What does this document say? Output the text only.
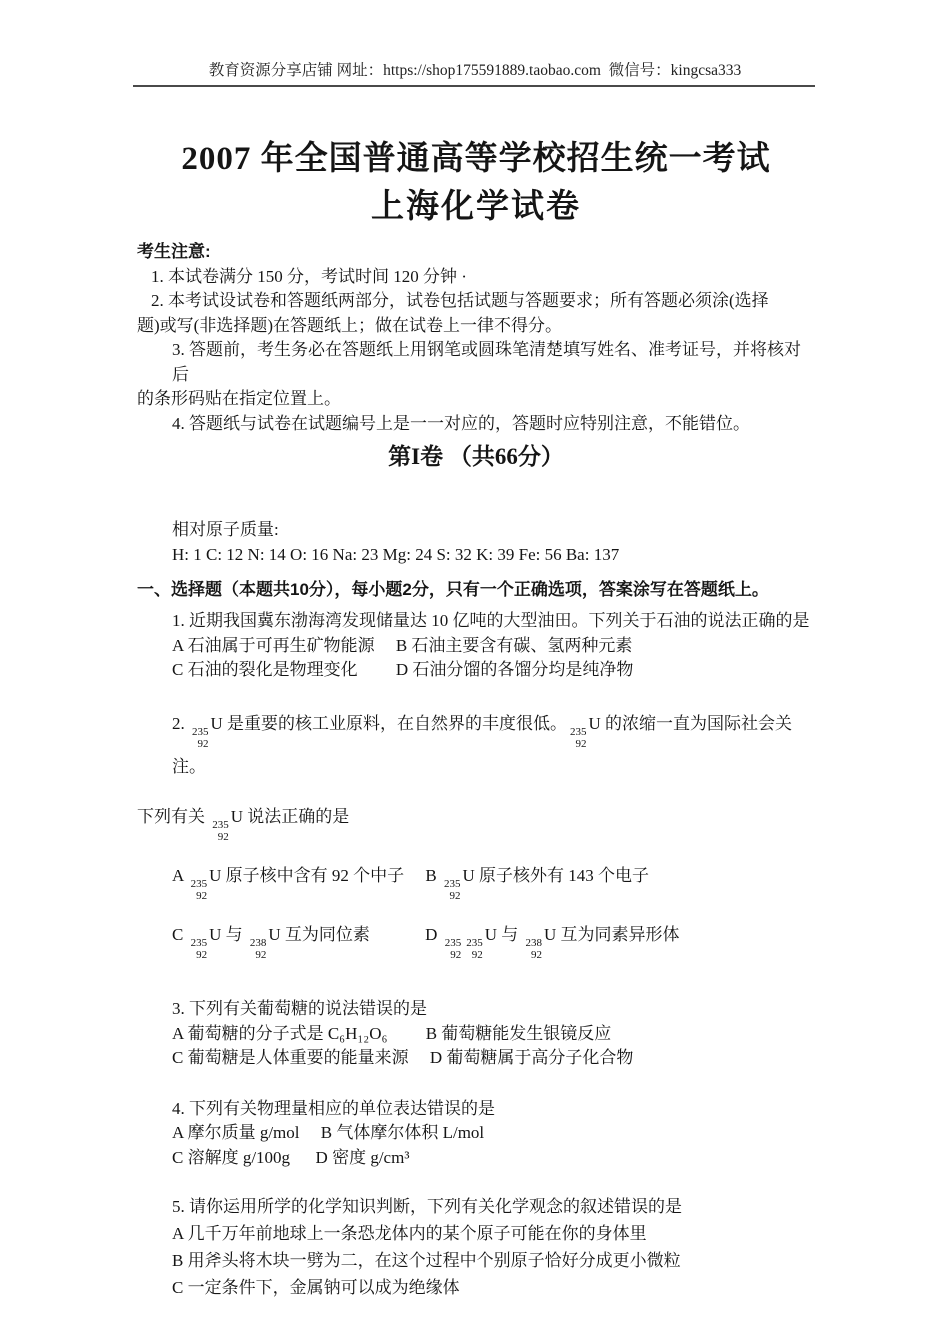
教育资源分享店铺 网址：https://shop175591889.taobao.com  微信号：kingcsa333
2007 年全国普通高等学校招生统一考试
上海化学试卷

考生注意:

1. 本试卷满分 150 分，考试时间 120 分钟 ·

2. 本考试设试卷和答题纸两部分，试卷包括试题与答题要求；所有答题必须涂(选择

题)或写(非选择题)在答题纸上；做在试卷上一律不得分。

3. 答题前，考生务必在答题纸上用钢笔或圆珠笔清楚填写姓名、准考证号，并将核对后

的条形码贴在指定位置上。

4. 答题纸与试卷在试题编号上是一一对应的，答题时应特别注意，不能错位。

第I卷 （共66分）

相对原子质量:

H: 1 C: 12 N: 14 O: 16 Na: 23 Mg: 24 S: 32 K: 39 Fe: 56 Ba: 137

一、选择题（本题共10分），每小题2分，只有一个正确选项，答案涂写在答题纸上。

1. 近期我国冀东渤海湾发现储量达 10 亿吨的大型油田。下列关于石油的说法正确的是

A 石油属于可再生矿物能源　 B 石油主要含有碳、氢两种元素

C 石油的裂化是物理变化　　 D 石油分馏的各馏分均是纯净物

2. 235
92
U 是重要的核工业原料，在自然界的丰度很低。 235
92
U 的浓缩一直为国际社会关注。

下列有关 235
92
U 说法正确的是

A 235
92
U 原子核中含有 92 个中子　 B 235
92
U 原子核外有 143 个电子

C 235
92
U 与 238
92
U 互为同位素　　　 D 235
92
235
92
U 与 238
92
U 互为同素异形体

3. 下列有关葡萄糖的说法错误的是

A 葡萄糖的分子式是 C₆H₁₂O₆ 　　B 葡萄糖能发生银镜反应

C 葡萄糖是人体重要的能量来源　 D 葡萄糖属于高分子化合物

4. 下列有关物理量相应的单位表达错误的是

A 摩尔质量 g/mol 　B 气体摩尔体积 L/mol

C 溶解度 g/100g 　 D 密度 g/cm³

5. 请你运用所学的化学知识判断，下列有关化学观念的叙述错误的是

A 几千万年前地球上一条恐龙体内的某个原子可能在你的身体里

B 用斧头将木块一劈为二，在这个过程中个别原子恰好分成更小微粒

C 一定条件下，金属钠可以成为绝缘体
